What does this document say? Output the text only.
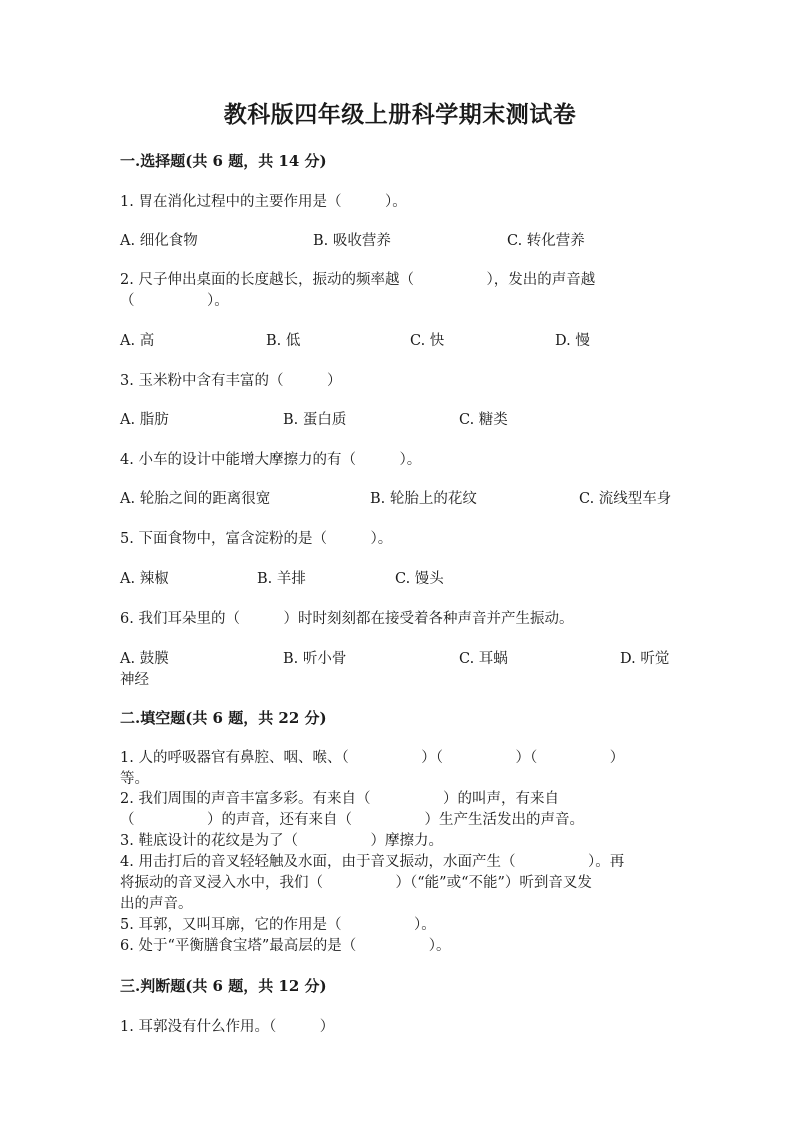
教科版四年级上册科学期末测试卷
一.选择题(共 6 题，共 14 分)
1. 胃在消化过程中的主要作用是（　　　）。
A. 细化食物	B. 吸收营养	C. 转化营养
2. 尺子伸出桌面的长度越长，振动的频率越（　　　　　），发出的声音越
（　　　　　）。
A. 高	B. 低	C. 快	D. 慢
3. 玉米粉中含有丰富的（　　　）
A. 脂肪	B. 蛋白质	C. 糖类
4. 小车的设计中能增大摩擦力的有（　　　）。
A. 轮胎之间的距离很宽	B. 轮胎上的花纹	C. 流线型车身
5. 下面食物中，富含淀粉的是（　　　）。
A. 辣椒	B. 羊排	C. 馒头
6. 我们耳朵里的（　　　）时时刻刻都在接受着各种声音并产生振动。
A. 鼓膜	B. 听小骨	C. 耳蜗	D. 听觉
神经
二.填空题(共 6 题，共 22 分)
1. 人的呼吸器官有鼻腔、咽、喉、（　　　　　）（　　　　　）（　　　　　）
等。
2. 我们周围的声音丰富多彩。有来自（　　　　　）的叫声，有来自
（　　　　　）的声音，还有来自（　　　　　）生产生活发出的声音。
3. 鞋底设计的花纹是为了（　　　　　）摩擦力。
4. 用击打后的音叉轻轻触及水面，由于音叉振动，水面产生（　　　　　）。再
将振动的音叉浸入水中，我们（　　　　　）（“能”或“不能”）听到音叉发
出的声音。
5. 耳郭，又叫耳廓，它的作用是（　　　　　）。
6. 处于“平衡膳食宝塔”最高层的是（　　　　　）。
三.判断题(共 6 题，共 12 分)
1. 耳郭没有什么作用。（　　　）
